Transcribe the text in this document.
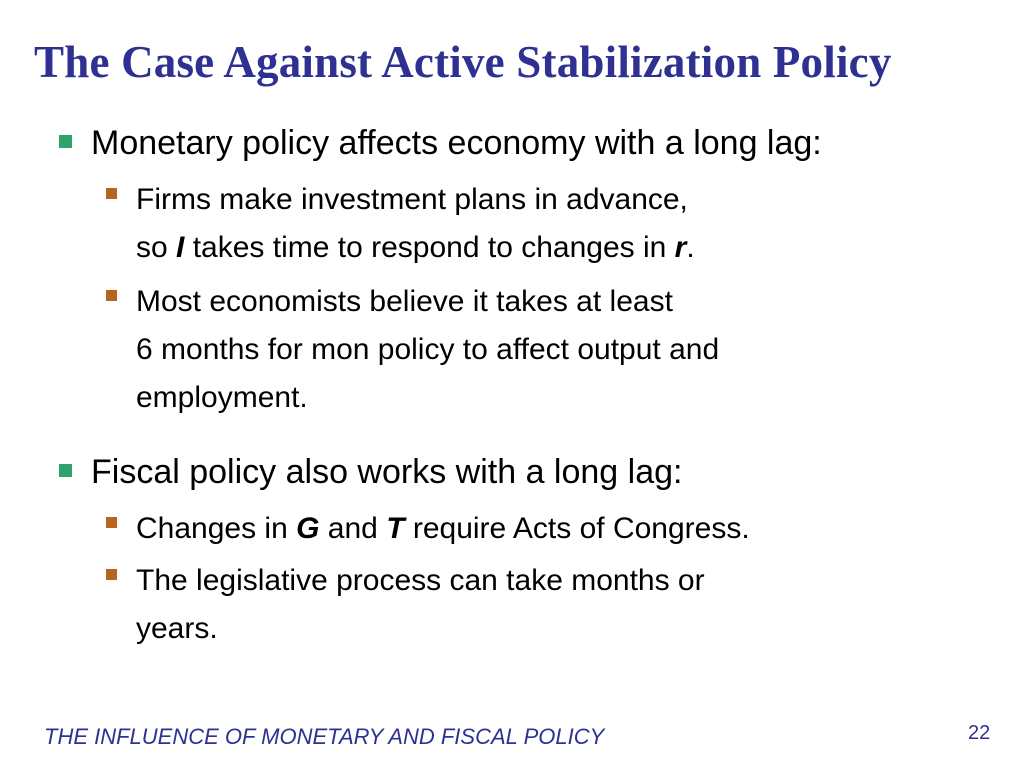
The Case Against Active Stabilization Policy
Monetary policy affects economy with a long lag:
Firms make investment plans in advance,
so I takes time to respond to changes in r.
Most economists believe it takes at least
6 months for mon policy to affect output and
employment.
Fiscal policy also works with a long lag:
Changes in G and T require Acts of Congress.
The legislative process can take months or
years.
THE INFLUENCE OF MONETARY AND FISCAL POLICY	22
